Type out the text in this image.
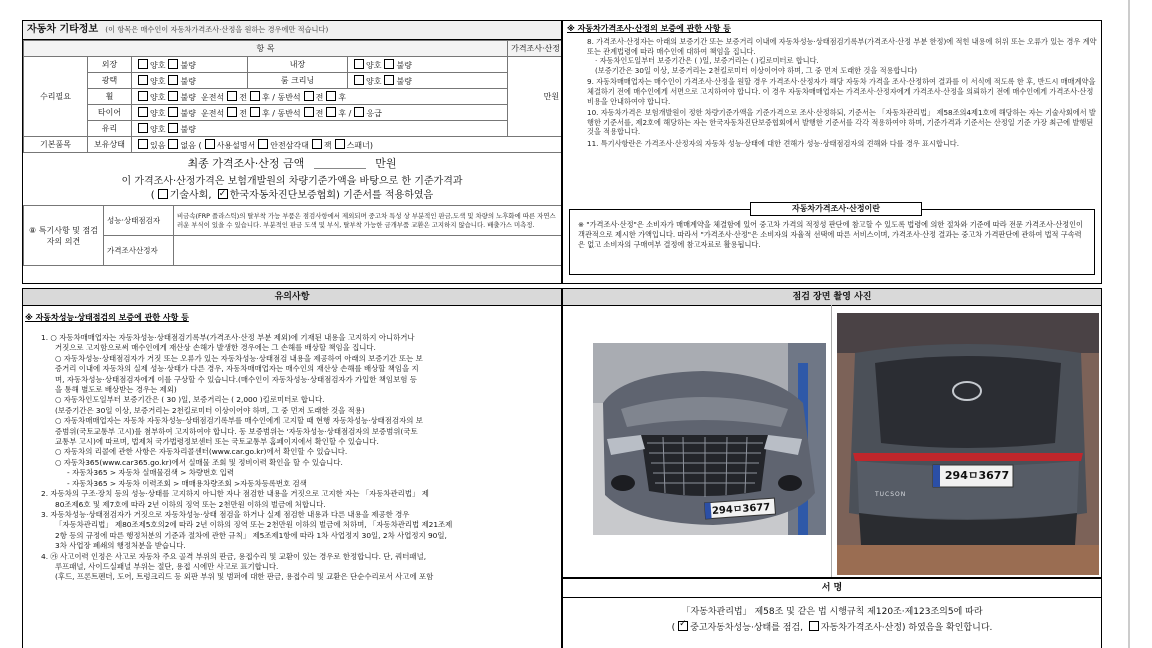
자동차 기타정보 (이 항목은 매수인이 자동차가격조사·산정을 원하는 경우에만 적습니다)
항 목					가격조사·산정
수리필요	외장	양호 불량	내장	양호 불량	만원
	광택	양호 불량	룸 크리닝	양호 불량	
	휠	양호 불량 운전석 전 후 / 동반석 전 후			
	타이어	양호 불량 운전석 전 후 / 동반석 전 후 / 응급			
	유리	양호 불량			
기본품목	보유상태	있음 없음 ( 사용설명서 안전삼각대 잭 스패너)			
최종 가격조사·산정 금액	만원
이 가격조사·산정가격은 보험개발원의 차량기준가액을 바탕으로 한 기준가격과
( 기술사회, ✓ 한국자동차진단보증협회) 기준서를 적용하였음
⑧ 특기사항 및 점검자의 의견	성능·상태점검자	비금속(FRP 플라스틱)의 탈부착 가능 부품은 점검사항에서 제외되며 중고차 특성 상 부분적인 판금,도색 및 차량의 노후화에 따른 자연스러운 부식이 있을 수 있습니다. 부분적인 판금 도색 및 부식, 탈부착 가능한 금개부품 교환은 고지하지 않습니다. 배출가스 미측정.
	가격조사산정자	
※ 자동차가격조사·산정의 보증에 관한 사항 등
8. 가격조사·산정자는 아래의 보증기간 또는 보증거리 이내에 자동차성능·상태점검기록부(가격조사·산정 부분 한정)에 적힌 내용에 허위 또는 오류가 있는 경우 계약 또는 관계법령에 따라 매수인에 대하여 책임을 집니다.
· 자동차인도일부터 보증기간은 ( )일, 보증거리는 ( )킬로미터로 합니다.
(보증기간은 30일 이상, 보증거리는 2천킬로미터 이상이어야 하며, 그 중 먼저 도래한 것을 적용합니다)
9. 자동차매매업자는 매수인이 가격조사·산정을 원할 경우 가격조사·산정자가 해당 자동차 가격을 조사·산정하여 결과를 이 서식에 적도록 한 후, 반드시 매매계약을 체결하기 전에 매수인에게 서면으로 고지하여야 합니다. 이 경우 자동차매매업자는 가격조사·산정자에게 가격조사·산정을 의뢰하기 전에 매수인에게 가격조사·산정 비용을 안내하여야 합니다.
10. 자동차가격은 보험개발원이 정한 차량기준가액을 기준가격으로 조사·산정하되, 기준서는 「자동차관리법」 제58조의4제1호에 해당하는 자는 기술사회에서 발행한 기준서를, 제2호에 해당하는 자는 한국자동차진단보증협회에서 발행한 기준서를 각각 적용하여야 하며, 기준가격과 기준서는 산정일 기준 가장 최근에 발행된 것을 적용합니다.
11. 특기사항란은 가격조사·산정자의 자동차 성능·상태에 대한 견해가 성능·상태점검자의 견해와 다를 경우 표시합니다.
자동차가격조사·산정이란
※ "가격조사·산정"은 소비자가 매매계약을 체결함에 있어 중고차 가격의 적정성 판단에 참고할 수 있도록 법령에 의한 절차와 기준에 따라 전문 가격조사·산정인이 객관적으로 제시한 가액입니다. 따라서 "가격조사·산정"은 소비자의 자율적 선택에 따른 서비스이며, 가격조사·산정 결과는 중고차 가격판단에 관하여 법적 구속력은 없고 소비자의 구매여부 결정에 참고자료로 활용됩니다.
유의사항
※ 자동차성능·상태점검의 보증에 관한 사항 등
1. ○ 자동차매매업자는 자동차성능·상태점검기록부(가격조사·산정 부분 제외)에 기재된 내용을 고지하지 아니하거나
거짓으로 고지함으로써 매수인에게 재산상 손해가 발생한 경우에는 그 손해를 배상할 책임을 집니다.
○ 자동차성능·상태점검자가 거짓 또는 오류가 있는 자동차성능·상태점검 내용을 제공하여 아래의 보증기간 또는 보
증거리 이내에 자동차의 실제 성능·상태가 다른 경우, 자동차매매업자는 매수인의 재산상 손해를 배상할 책임을 지
며, 자동차성능·상태점검자에게 이를 구상할 수 있습니다.(매수인이 자동차성능·상태점검자가 가입한 책임보험 등
을 통해 별도로 배상받는 경우는 제외)
○ 자동차인도일부터 보증기간은 ( 30 )일, 보증거리는 ( 2,000 )킬로미터로 합니다.
(보증기간은 30일 이상, 보증거리는 2천킬로미터 이상이어야 하며, 그 중 먼저 도래한 것을 적용)
○ 자동차매매업자는 자동차 자동차성능·상태점검기록부를 매수인에게 고지할 때 현행 자동차성능·상태점검자의 보
증범위(국토교통부 고시)를 첨부하여 고지하여야 합니다. 동 보증범위는 '자동차성능·상태점검자의 보증범위(국토
교통부 고시)에 따르며, 법제처 국가법령정보센터 또는 국토교통부 홈페이지에서 확인할 수 있습니다.
○ 자동차의 리콜에 관한 사항은 자동차리콜센터(www.car.go.kr)에서 확인할 수 있습니다.
○ 자동차365(www.car365.go.kr)에서 실매물 조회 및 정비이력 확인을 할 수 있습니다.
- 자동차365 > 자동차 실매물검색 > 차량번호 입력
- 자동차365 > 자동차 이력조회 > 매매용차량조회 >자동차등록번호 검색
2. 자동차의 구조·장치 등의 성능·상태를 고지하지 아니한 자나 점검한 내용을 거짓으로 고지한 자는 「자동차관리법」 제
80조제6호 및 제7호에 따라 2년 이하의 징역 또는 2천만원 이하의 벌금에 처합니다.
3. 자동차성능·상태점검자가 거짓으로 자동차성능·상태 점검을 하거나 실제 점검한 내용과 다른 내용을 제공한 경우
「자동차관리법」 제80조제5호의2에 따라 2년 이하의 징역 또는 2천만원 이하의 벌금에 처하며, 「자동차관리법 제21조제
2항 등의 규정에 따른 행정처분의 기준과 절차에 관한 규칙」 제5조제1항에 따라 1차 사업정지 30일, 2차 사업정지 90일,
3차 사업장 폐쇄의 행정처분을 받습니다.
4. ㉮ 사고이력 인정은 사고로 자동차 주요 골격 부위의 판금, 용접수리 및 교환이 있는 경우로 한정합니다. 단, 쿼터패널,
루프패널, 사이드실패널 부위는 절단, 용접 시에만 사고로 표기합니다.
(후드, 프론트펜더, 도어, 트렁크리드 등 외판 부위 및 범퍼에 대한 판금, 용접수리 및 교환은 단순수리로서 사고에 포함
점검 장면 촬영 사진
294ㅁ3677
294ㅁ3677
TUCSON
서 명
「자동차관리법」 제58조 및 같은 법 시행규칙 제120조·제123조의5에 따라
( ✓ 중고자동차성능·상태를 점검, 자동차가격조사·산정) 하였음을 확인합니다.
